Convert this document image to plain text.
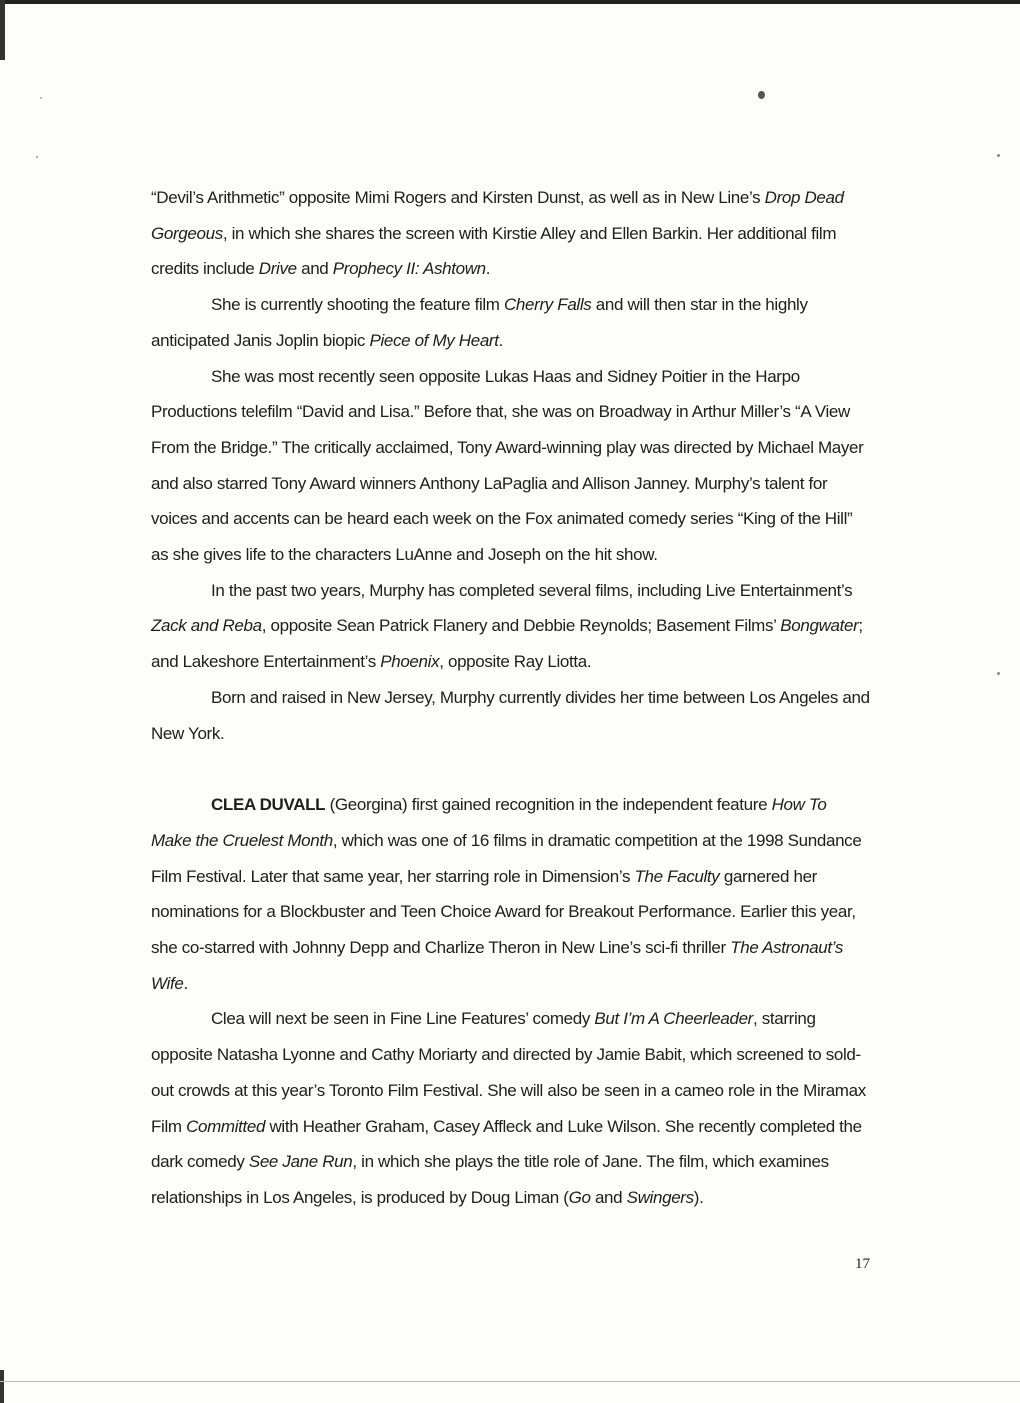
“Devil’s Arithmetic” opposite Mimi Rogers and Kirsten Dunst, as well as in New Line’s Drop Dead Gorgeous, in which she shares the screen with Kirstie Alley and Ellen Barkin. Her additional film credits include Drive and Prophecy II: Ashtown.

She is currently shooting the feature film Cherry Falls and will then star in the highly anticipated Janis Joplin biopic Piece of My Heart.

She was most recently seen opposite Lukas Haas and Sidney Poitier in the Harpo Productions telefilm “David and Lisa.” Before that, she was on Broadway in Arthur Miller’s “A View From the Bridge.” The critically acclaimed, Tony Award-winning play was directed by Michael Mayer and also starred Tony Award winners Anthony LaPaglia and Allison Janney. Murphy’s talent for voices and accents can be heard each week on the Fox animated comedy series “King of the Hill” as she gives life to the characters LuAnne and Joseph on the hit show.

In the past two years, Murphy has completed several films, including Live Entertainment’s Zack and Reba, opposite Sean Patrick Flanery and Debbie Reynolds; Basement Films’ Bongwater; and Lakeshore Entertainment’s Phoenix, opposite Ray Liotta.

Born and raised in New Jersey, Murphy currently divides her time between Los Angeles and New York.

CLEA DUVALL (Georgina) first gained recognition in the independent feature How To Make the Cruelest Month, which was one of 16 films in dramatic competition at the 1998 Sundance Film Festival. Later that same year, her starring role in Dimension’s The Faculty garnered her nominations for a Blockbuster and Teen Choice Award for Breakout Performance. Earlier this year, she co-starred with Johnny Depp and Charlize Theron in New Line’s sci-fi thriller The Astronaut’s Wife.

Clea will next be seen in Fine Line Features’ comedy But I’m A Cheerleader, starring opposite Natasha Lyonne and Cathy Moriarty and directed by Jamie Babit, which screened to sold-out crowds at this year’s Toronto Film Festival. She will also be seen in a cameo role in the Miramax Film Committed with Heather Graham, Casey Affleck and Luke Wilson. She recently completed the dark comedy See Jane Run, in which she plays the title role of Jane. The film, which examines relationships in Los Angeles, is produced by Doug Liman (Go and Swingers).

17
